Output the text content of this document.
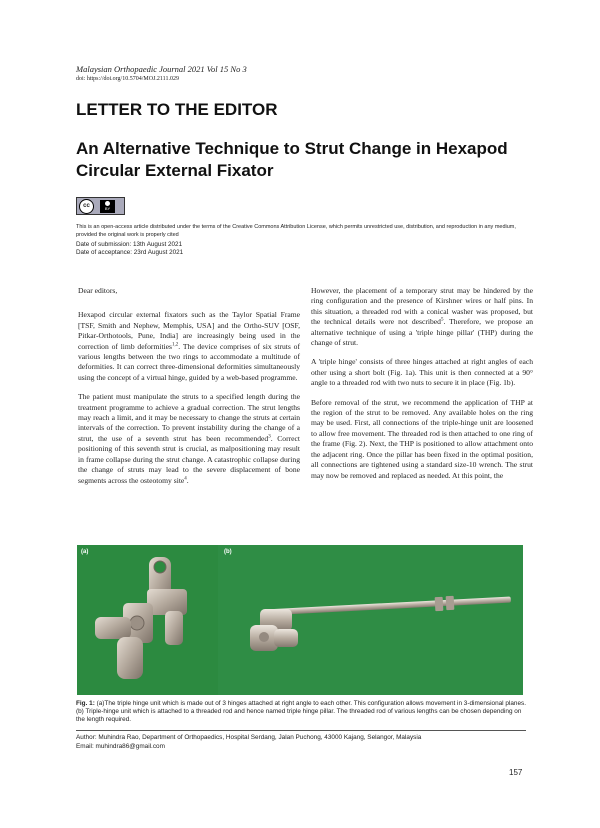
Malaysian Orthopaedic Journal 2021 Vol 15 No 3
doi: https://doi.org/10.5704/MOJ.2111.029
LETTER TO THE EDITOR
An Alternative Technique to Strut Change in Hexapod Circular External Fixator
cc	BY
This is an open-access article distributed under the terms of the Creative Commons Attribution License, which permits unrestricted use, distribution, and reproduction in any medium, provided the original work is properly cited
Date of submission: 13th August 2021
Date of acceptance: 23rd August 2021

Dear editors,

Hexapod circular external fixators such as the Taylor Spatial Frame [TSF, Smith and Nephew, Memphis, USA] and the Ortho-SUV [OSF, Pitkar-Orthotools, Pune, India] are increasingly being used in the correction of limb deformities$^{1,2}$. The device comprises of six struts of various lengths between the two rings to accommodate a multitude of deformities. It can correct three-dimensional deformities simultaneously using the concept of a virtual hinge, guided by a web-based programme.

The patient must manipulate the struts to a specified length during the treatment programme to achieve a gradual correction. The strut lengths may reach a limit, and it may be necessary to change the struts at certain intervals of the correction. To prevent instability during the change of a strut, the use of a seventh strut has been recommended$^3$. Correct positioning of this seventh strut is crucial, as malpositioning may result in frame collapse during the strut change. A catastrophic collapse during the change of struts may lead to the severe displacement of bone segments across the osteotomy site$^4$.

However, the placement of a temporary strut may be hindered by the ring configuration and the presence of Kirshner wires or half pins. In this situation, a threaded rod with a conical washer was proposed, but the technical details were not described$^5$. Therefore, we propose an alternative technique of using a 'triple hinge pillar' (THP) during the change of strut.

A 'triple hinge' consists of three hinges attached at right angles of each other using a short bolt (Fig. 1a). This unit is then connected at a 90° angle to a threaded rod with two nuts to secure it in place (Fig. 1b).

Before removal of the strut, we recommend the application of THP at the region of the strut to be removed. Any available holes on the ring may be used. First, all connections of the triple-hinge unit are loosened to allow free movement. The threaded rod is then attached to one ring of the frame (Fig. 2). Next, the THP is positioned to allow attachment onto the adjacent ring. Once the pillar has been fixed in the optimal position, all connections are tightened using a standard size-10 wrench. The strut may now be removed and replaced as needed. At this point, the

(a)	(b)
Fig. 1: (a)The triple hinge unit which is made out of 3 hinges attached at right angle to each other. This configuration allows movement in 3-dimensional planes. (b) Triple-hinge unit which is attached to a threaded rod and hence named triple hinge pillar. The threaded rod of various lengths can be chosen depending on the length required.
Author: Muhindra Rao, Department of Orthopaedics, Hospital Serdang, Jalan Puchong, 43000 Kajang, Selangor, Malaysia
Email: muhindra86@gmail.com
157
